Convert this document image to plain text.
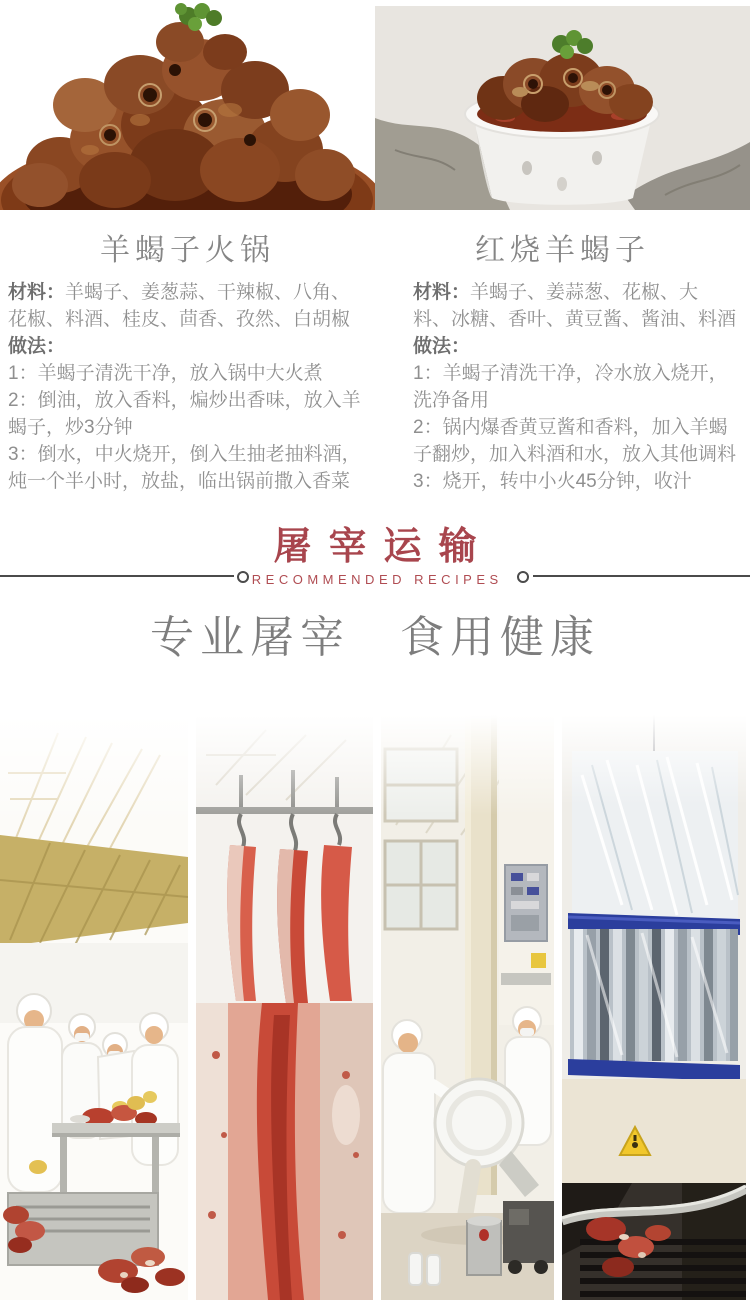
羊蝎子火锅

材料：羊蝎子、姜葱蒜、干辣椒、八角、花椒、料酒、桂皮、茴香、孜然、白胡椒

做法：

1：羊蝎子清洗干净，放入锅中大火煮

2：倒油，放入香料，煸炒出香味，放入羊蝎子，炒3分钟

3：倒水，中火烧开，倒入生抽老抽料酒，炖一个半小时，放盐，临出锅前撒入香菜

红烧羊蝎子

材料：羊蝎子、姜蒜葱、花椒、大料、冰糖、香叶、黄豆酱、酱油、料酒

做法：

1：羊蝎子清洗干净，冷水放入烧开，洗净备用

2：锅内爆香黄豆酱和香料，加入羊蝎子翻炒，加入料酒和水，放入其他调料

3：烧开，转中小火45分钟，收汁

屠宰运输
RECOMMENDED RECIPES
专业屠宰　食用健康
